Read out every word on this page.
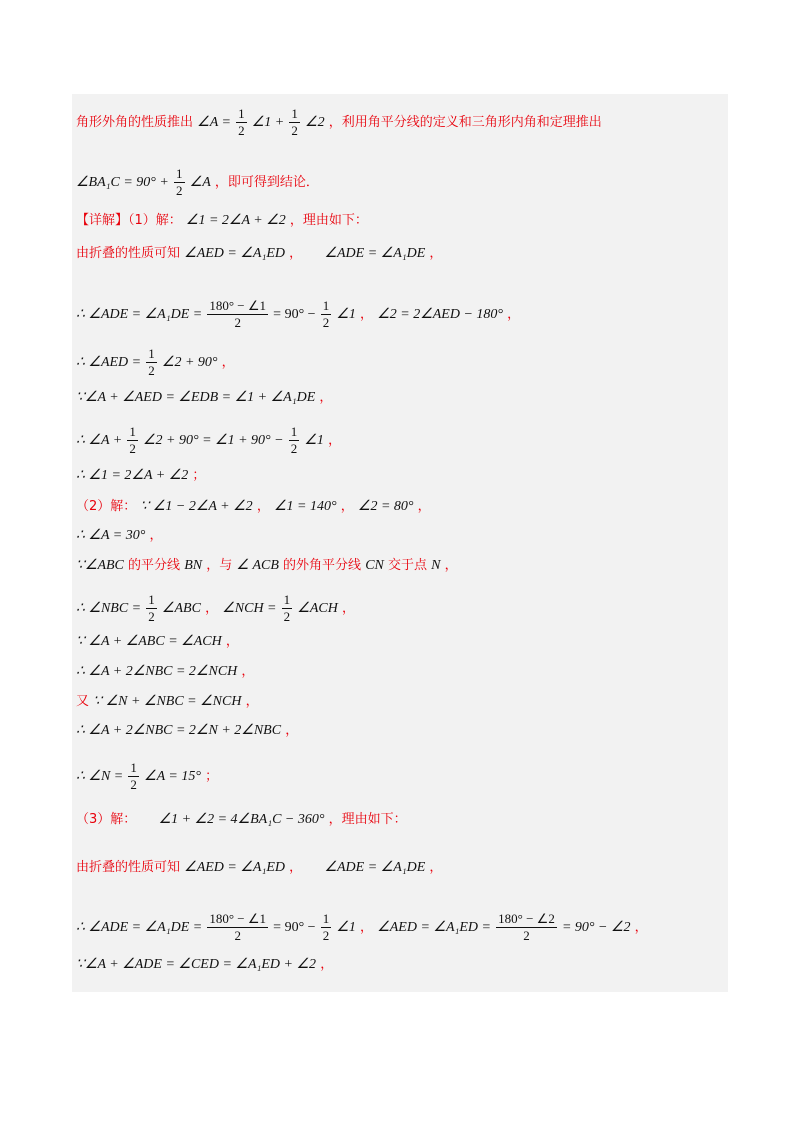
角形外角的性质推出 ∠A = $\frac{1}{2}$ ∠1 + $\frac{1}{2}$ ∠2 ，利用角平分线的定义和三角形内角和定理推出
∠BA₁C = $90^\circ + \frac{1}{2}$ ∠A ，即可得到结论．
【详解】（1）解： ∠1 = 2∠A + ∠2 ，理由如下：
由折叠的性质可知 ∠AED = ∠A₁ED ， ∠ADE = ∠A₁DE ，
∴ ∠ADE = ∠A₁DE = $\frac{180^\circ - \angle 1}{2} = 90^\circ - \frac{1}{2}$ ∠1 ， ∠2 = 2∠AED − 180° ，
∴ ∠AED = $\frac{1}{2}$ ∠2 + 90° ，
∵∠A + ∠AED = ∠EDB = ∠1 + ∠A₁DE ，
∴ ∠A + $\frac{1}{2}$ ∠2 + 90° = ∠1 + $90^\circ - \frac{1}{2}$ ∠1 ，
∴ ∠1 = 2∠A + ∠2 ；
（2）解： ∵ ∠1 − 2∠A + ∠2 ， ∠1 = 140° ， ∠2 = 80° ，
∴ ∠A = 30° ，
∵∠ABC 的平分线 BN ，与 ∠ ACB 的外角平分线 CN 交于点 N ，
∴ ∠NBC = $\frac{1}{2}$ ∠ABC ， ∠NCH = $\frac{1}{2}$ ∠ACH ，
∵ ∠A + ∠ABC = ∠ACH ，
∴ ∠A + 2∠NBC = 2∠NCH ，
又 ∵ ∠N + ∠NBC = ∠NCH ，
∴ ∠A + 2∠NBC = 2∠N + 2∠NBC ，
∴ ∠N = $\frac{1}{2}$ ∠A = 15° ；
（3）解： ∠1 + ∠2 = 4∠BA₁C − 360° ，理由如下：
由折叠的性质可知 ∠AED = ∠A₁ED ， ∠ADE = ∠A₁DE ，
∴ ∠ADE = ∠A₁DE = $\frac{180^\circ - \angle 1}{2} = 90^\circ - \frac{1}{2}$ ∠1 ， ∠AED = ∠A₁ED = $\frac{180^\circ - \angle 2}{2} = 90^\circ$ − ∠2 ，
∵∠A + ∠ADE = ∠CED = ∠A₁ED + ∠2 ，
